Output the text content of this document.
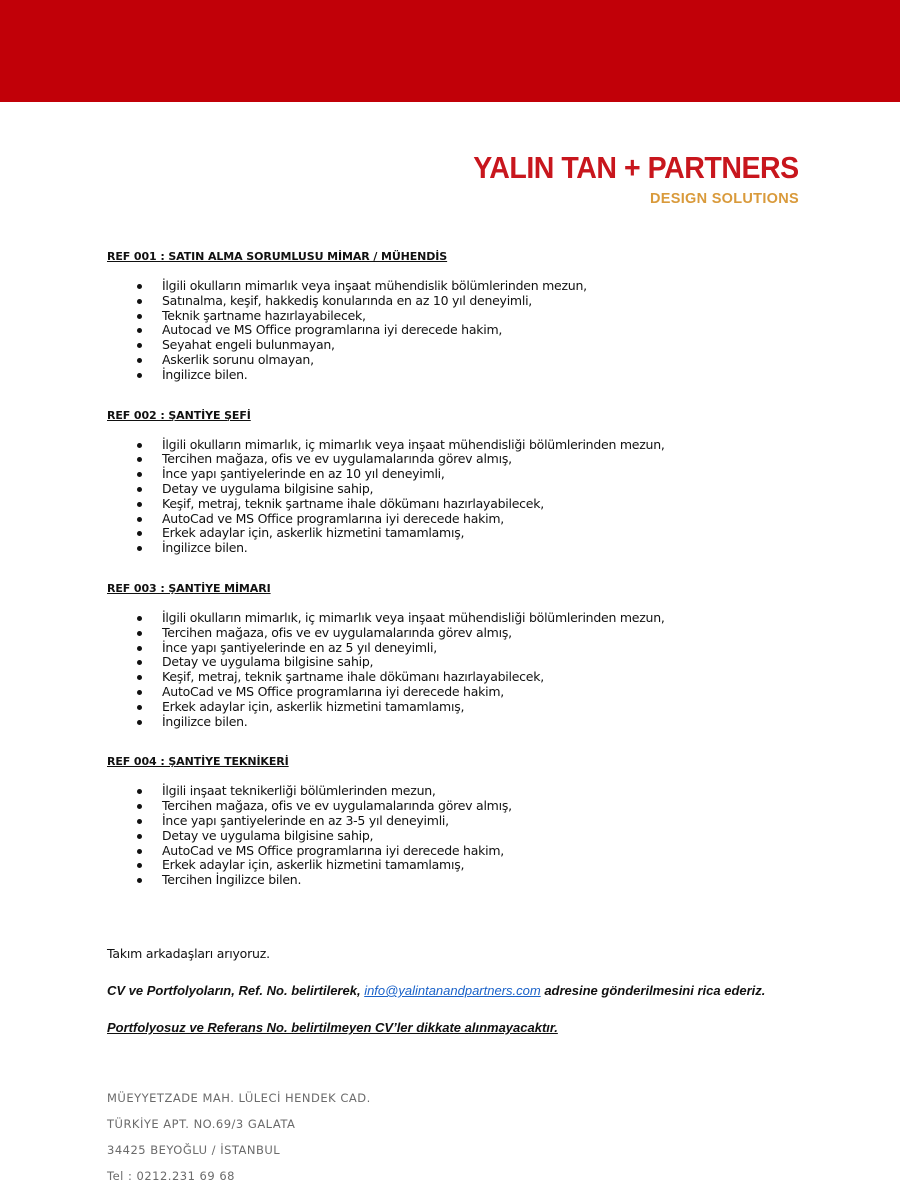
YALIN TAN + PARTNERS
DESIGN SOLUTIONS
REF 001 : SATIN ALMA SORUMLUSU MİMAR / MÜHENDİS
İlgili okulların mimarlık veya inşaat mühendislik bölümlerinden mezun,
Satınalma, keşif, hakkediş konularında en az 10 yıl deneyimli,
Teknik şartname hazırlayabilecek,
Autocad ve MS Office programlarına iyi derecede hakim,
Seyahat engeli bulunmayan,
Askerlik sorunu olmayan,
İngilizce bilen.
REF 002 : ŞANTİYE ŞEFİ
İlgili okulların mimarlık, iç mimarlık veya inşaat mühendisliği bölümlerinden mezun,
Tercihen mağaza, ofis ve ev uygulamalarında görev almış,
İnce yapı şantiyelerinde en az 10 yıl deneyimli,
Detay ve uygulama bilgisine sahip,
Keşif, metraj, teknik şartname ihale dökümanı hazırlayabilecek,
AutoCad ve MS Office programlarına iyi derecede hakim,
Erkek adaylar için, askerlik hizmetini tamamlamış,
İngilizce bilen.
REF 003 : ŞANTİYE MİMARI
İlgili okulların mimarlık, iç mimarlık veya inşaat mühendisliği bölümlerinden mezun,
Tercihen mağaza, ofis ve ev uygulamalarında görev almış,
İnce yapı şantiyelerinde en az 5 yıl deneyimli,
Detay ve uygulama bilgisine sahip,
Keşif, metraj, teknik şartname ihale dökümanı hazırlayabilecek,
AutoCad ve MS Office programlarına iyi derecede hakim,
Erkek adaylar için, askerlik hizmetini tamamlamış,
İngilizce bilen.
REF 004 : ŞANTİYE TEKNİKERİ
İlgili inşaat teknikerliği bölümlerinden mezun,
Tercihen mağaza, ofis ve ev uygulamalarında görev almış,
İnce yapı şantiyelerinde en az 3-5 yıl deneyimli,
Detay ve uygulama bilgisine sahip,
AutoCad ve MS Office programlarına iyi derecede hakim,
Erkek adaylar için, askerlik hizmetini tamamlamış,
Tercihen İngilizce bilen.
Takım arkadaşları arıyoruz.
CV ve Portfolyoların, Ref. No. belirtilerek, info@yalintanandpartners.com adresine gönderilmesini rica ederiz.
Portfolyosuz ve Referans No. belirtilmeyen CV’ler dikkate alınmayacaktır.
MÜEYYETZADE MAH. LÜLECİ HENDEK CAD.
TÜRKİYE APT. NO.69/3 GALATA
34425 BEYOĞLU / İSTANBUL
Tel : 0212.231 69 68
